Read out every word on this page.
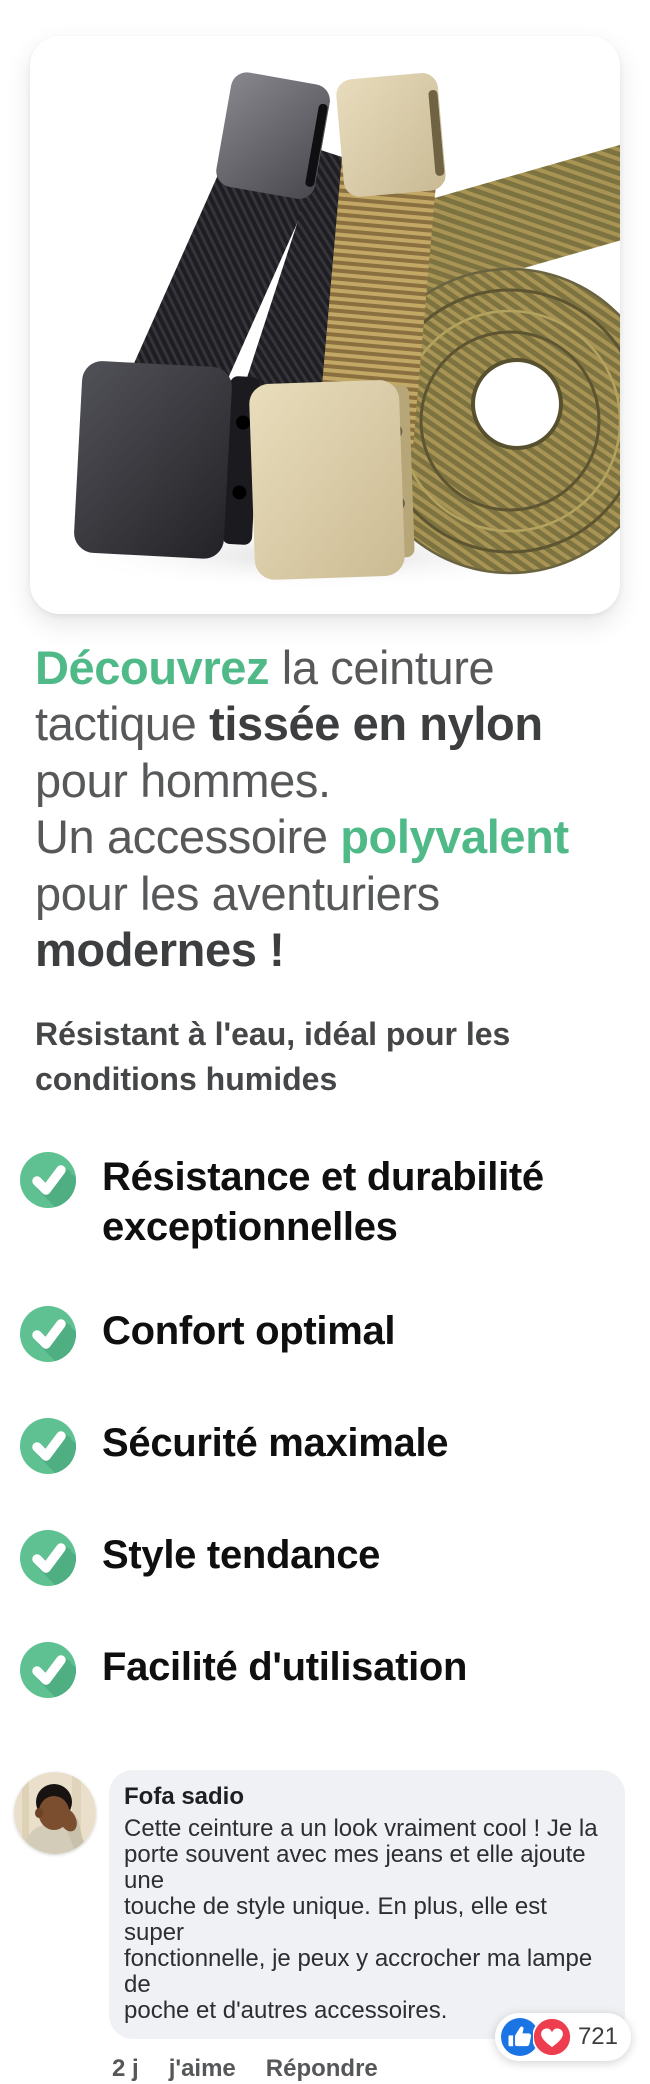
Découvrez la ceinture
tactique tissée en nylon
pour hommes.
Un accessoire polyvalent
pour les aventuriers
modernes !

Résistant à l'eau, idéal pour les conditions humides

Résistance et durabilité exceptionnelles
Confort optimal
Sécurité maximale
Style tendance
Facilité d'utilisation
Fofa sadio
Cette ceinture a un look vraiment cool ! Je la
porte souvent avec mes jeans et elle ajoute une
touche de style unique. En plus, elle est super
fonctionnelle, je peux y accrocher ma lampe de
poche et d'autres accessoires.
721
2 j j'aime Répondre
